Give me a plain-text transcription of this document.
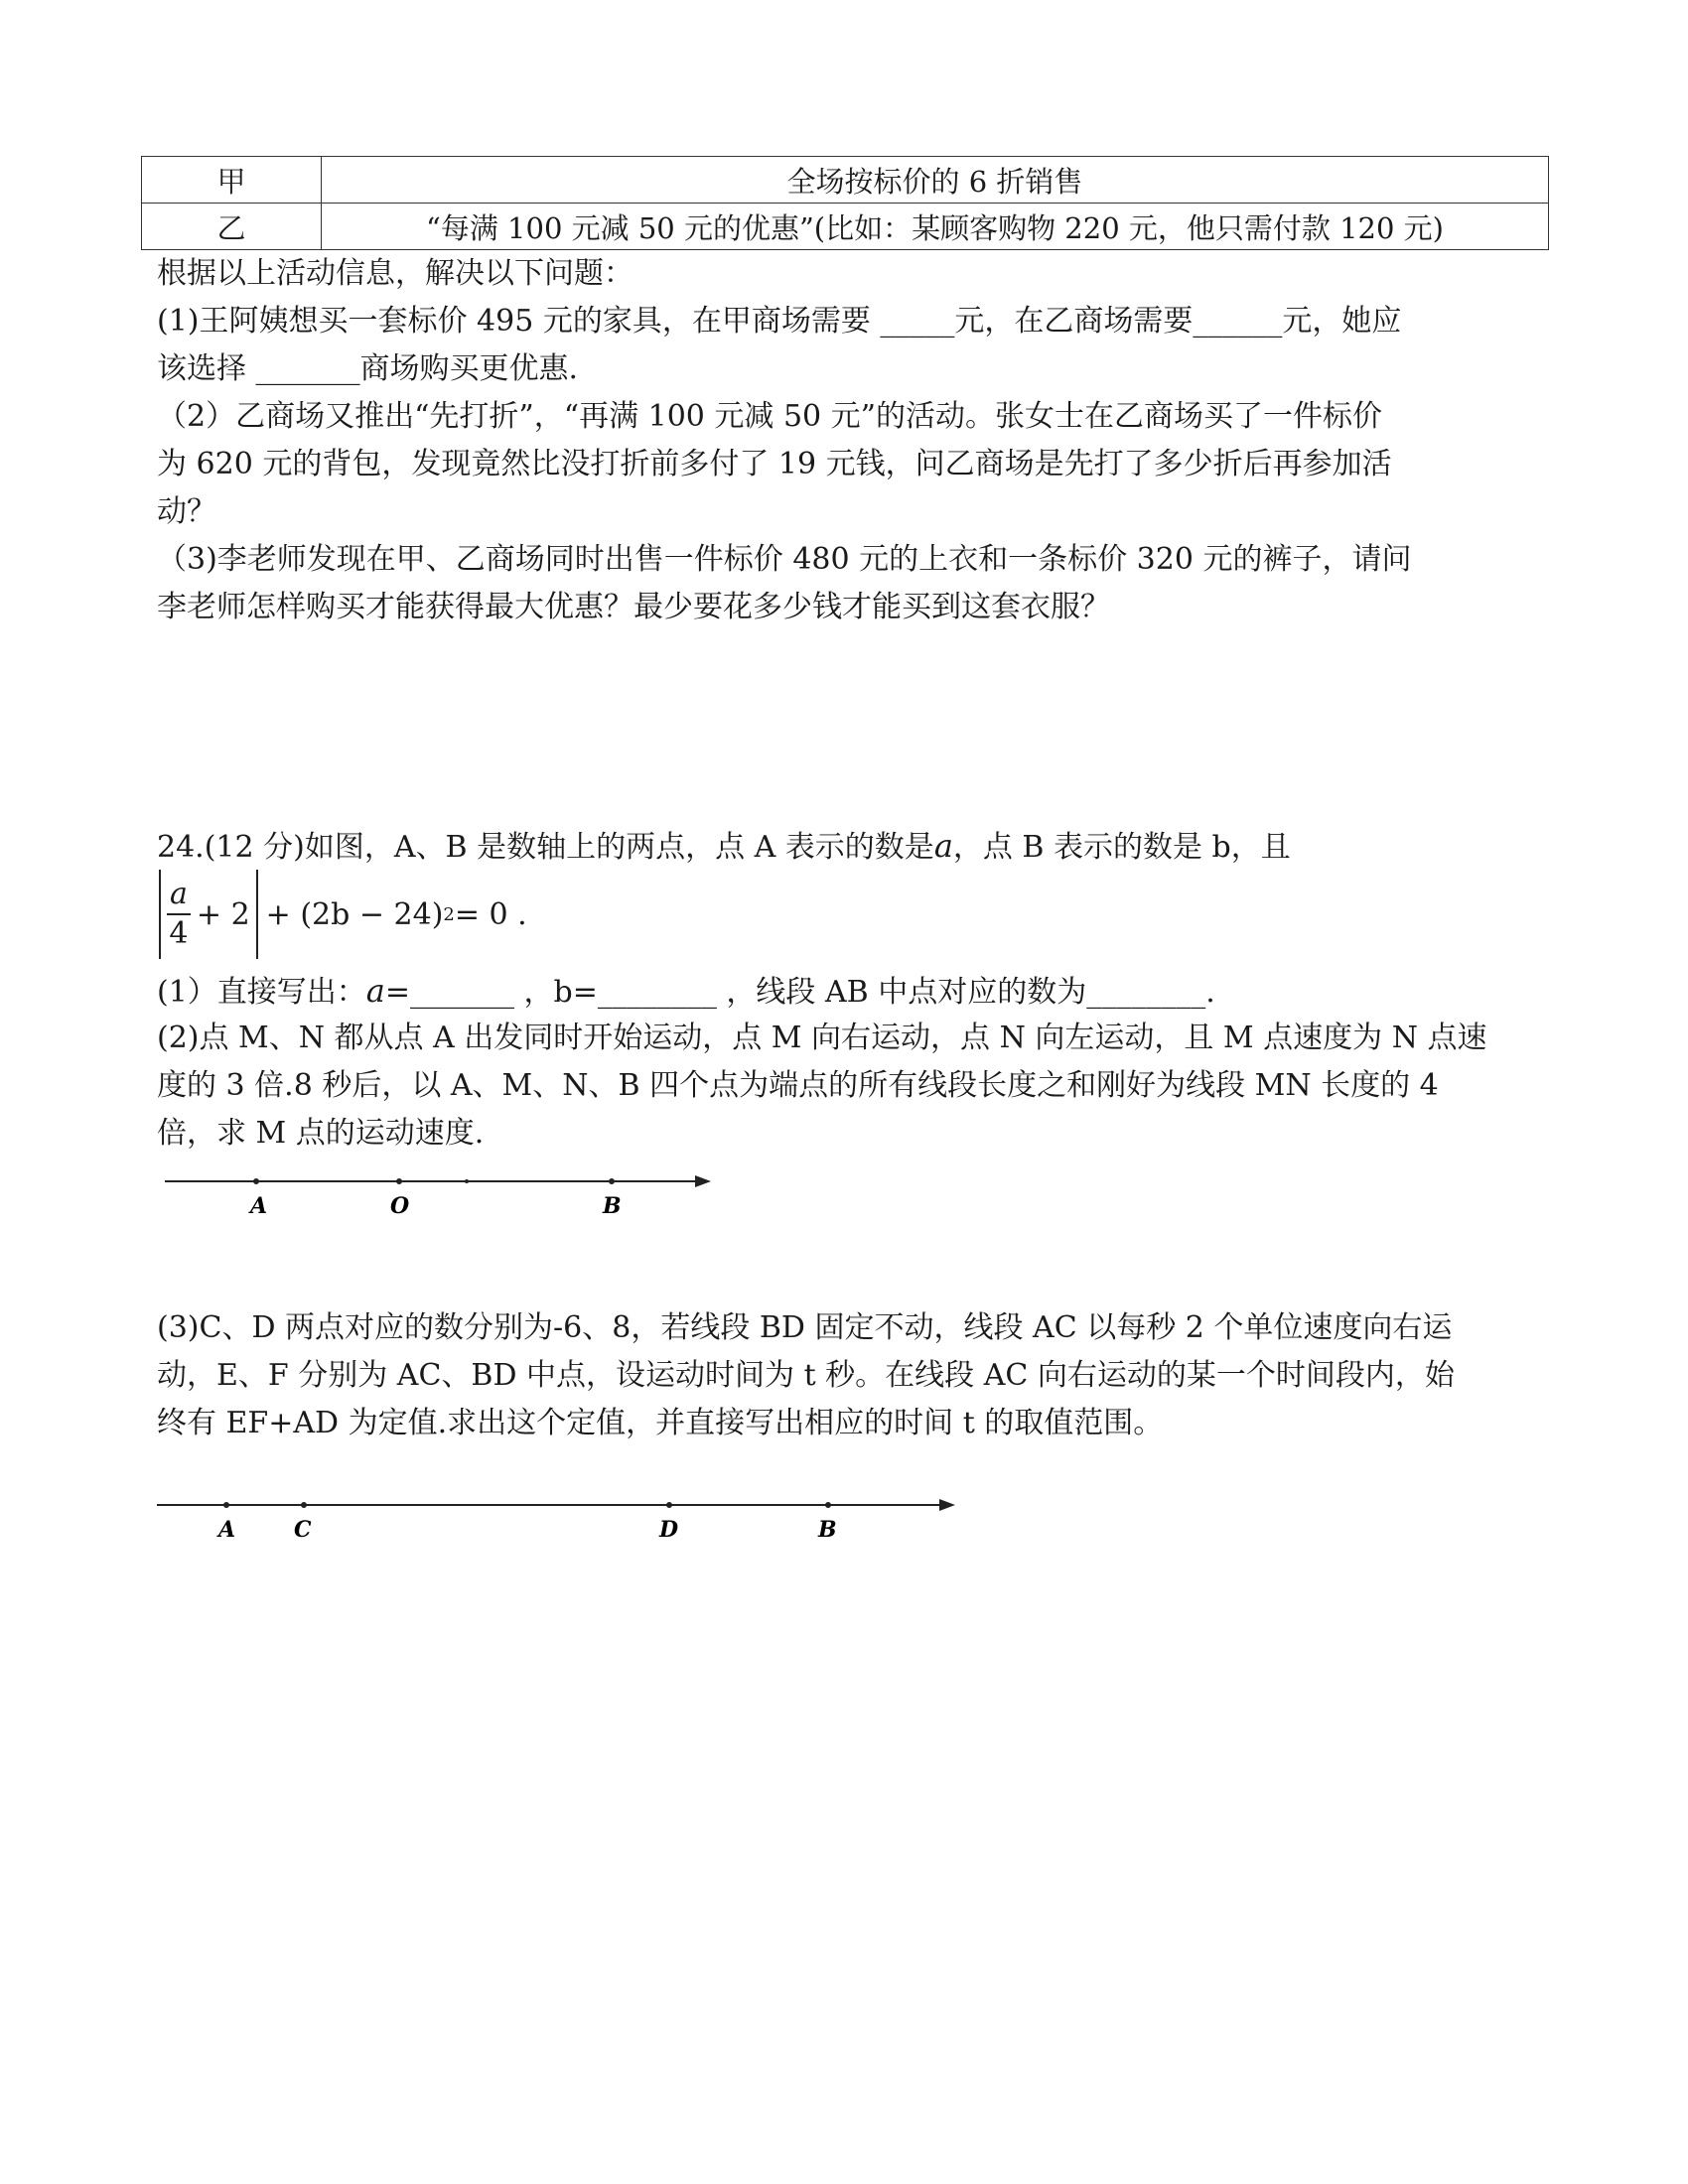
甲	全场按标价的 6 折销售
乙	“每满 100 元减 50 元的优惠”(比如：某顾客购物 220 元，他只需付款 120 元)
根据以上活动信息，解决以下问题：
(1)王阿姨想买一套标价 495 元的家具，在甲商场需要 _____元，在乙商场需要______元，她应
该选择 _______商场购买更优惠.
（2）乙商场又推出“先打折”，“再满 100 元减 50 元”的活动。张女士在乙商场买了一件标价
为 620 元的背包，发现竟然比没打折前多付了 19 元钱，问乙商场是先打了多少折后再参加活
动？
（3)李老师发现在甲、乙商场同时出售一件标价 480 元的上衣和一条标价 320 元的裤子，请问
李老师怎样购买才能获得最大优惠？最少要花多少钱才能买到这套衣服？
24.(12 分)如图，A、B 是数轴上的两点，点 A 表示的数是a，点 B 表示的数是 b，且
$\frac{a}{4} + 2 + (2b - 24) 2 = 0$ .
(1）直接写出：a=_______ ，b=________ ，线段 AB 中点对应的数为________.
(2)点 M、N 都从点 A 出发同时开始运动，点 M 向右运动，点 N 向左运动，且 M 点速度为 N 点速
度的 3 倍.8 秒后，以 A、M、N、B 四个点为端点的所有线段长度之和刚好为线段 MN 长度的 4
倍，求 M 点的运动速度.
A	O	B
(3)C、D 两点对应的数分别为-6、8，若线段 BD 固定不动，线段 AC 以每秒 2 个单位速度向右运
动，E、F 分别为 AC、BD 中点，设运动时间为 t 秒。在线段 AC 向右运动的某一个时间段内，始
终有 EF+AD 为定值.求出这个定值，并直接写出相应的时间 t 的取值范围。
A	C	D	B
